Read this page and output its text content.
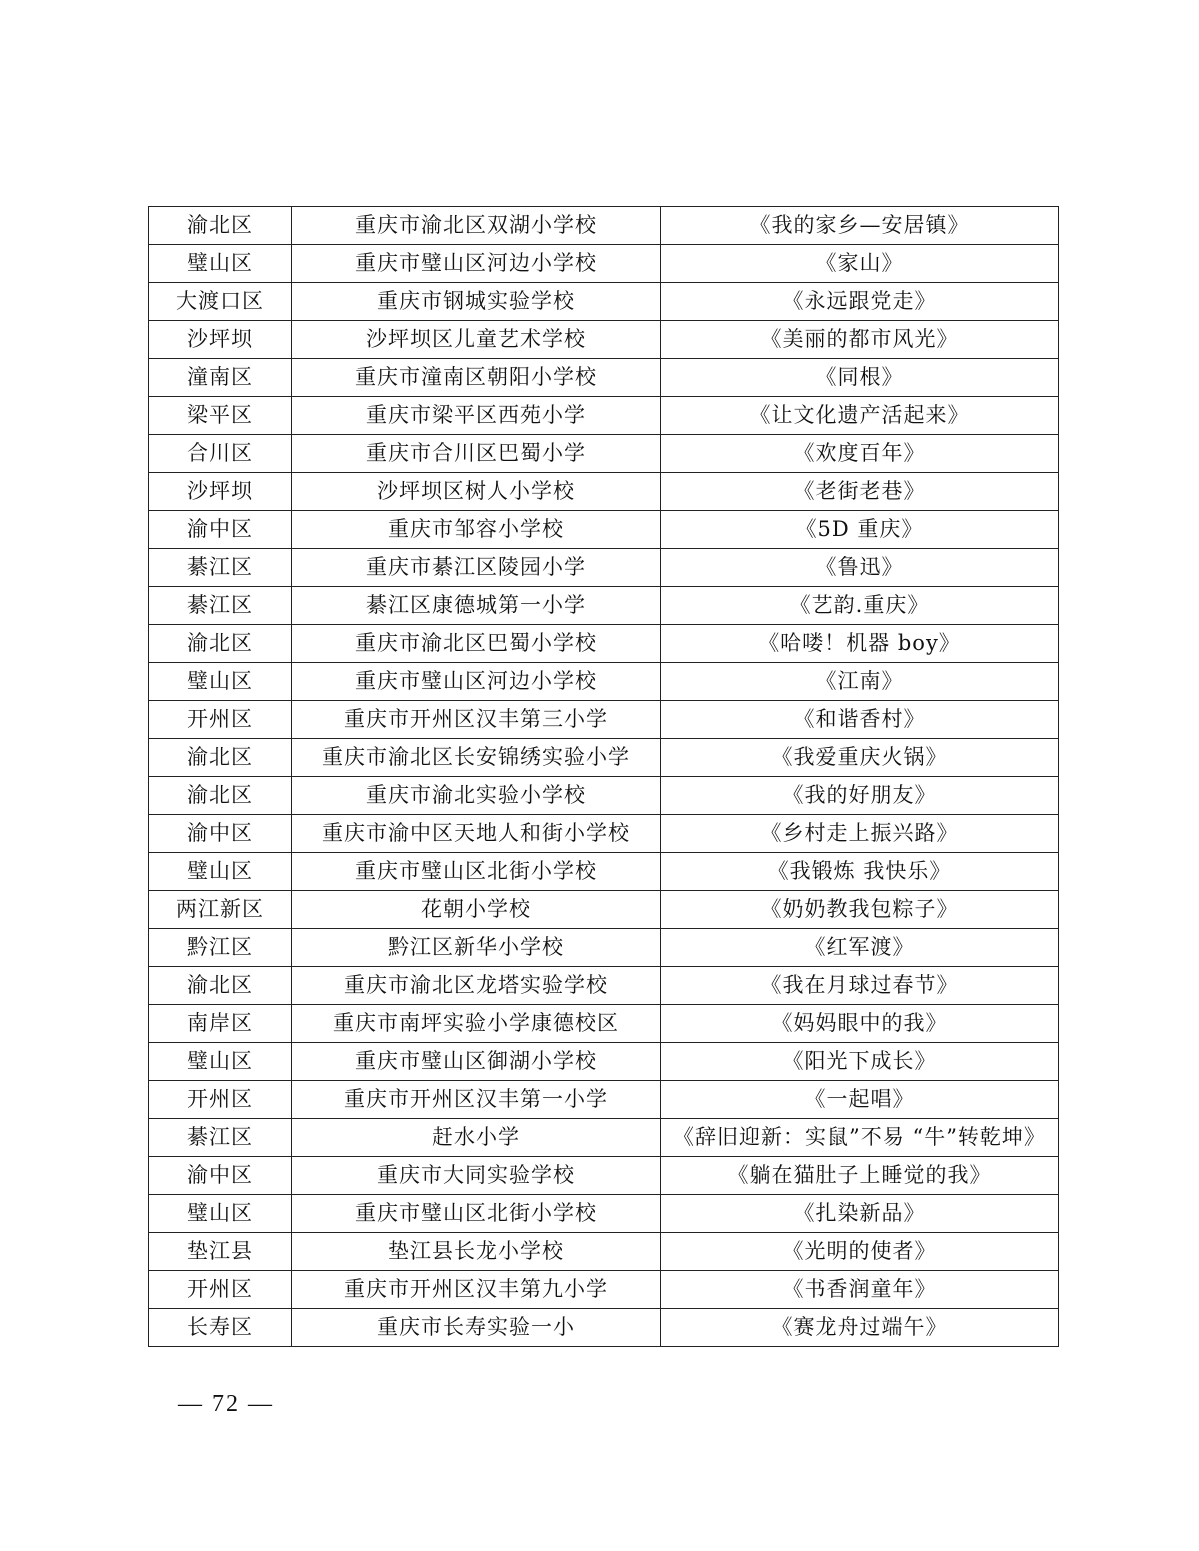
渝北区	重庆市渝北区双湖小学校	《我的家乡—安居镇》
璧山区	重庆市璧山区河边小学校	《家山》
大渡口区	重庆市钢城实验学校	《永远跟党走》
沙坪坝	沙坪坝区儿童艺术学校	《美丽的都市风光》
潼南区	重庆市潼南区朝阳小学校	《同根》
梁平区	重庆市梁平区西苑小学	《让文化遗产活起来》
合川区	重庆市合川区巴蜀小学	《欢度百年》
沙坪坝	沙坪坝区树人小学校	《老街老巷》
渝中区	重庆市邹容小学校	《5D 重庆》
綦江区	重庆市綦江区陵园小学	《鲁迅》
綦江区	綦江区康德城第一小学	《艺韵.重庆》
渝北区	重庆市渝北区巴蜀小学校	《哈喽！机器 boy》
璧山区	重庆市璧山区河边小学校	《江南》
开州区	重庆市开州区汉丰第三小学	《和谐香村》
渝北区	重庆市渝北区长安锦绣实验小学	《我爱重庆火锅》
渝北区	重庆市渝北实验小学校	《我的好朋友》
渝中区	重庆市渝中区天地人和街小学校	《乡村走上振兴路》
璧山区	重庆市璧山区北街小学校	《我锻炼 我快乐》
两江新区	花朝小学校	《奶奶教我包粽子》
黔江区	黔江区新华小学校	《红军渡》
渝北区	重庆市渝北区龙塔实验学校	《我在月球过春节》
南岸区	重庆市南坪实验小学康德校区	《妈妈眼中的我》
璧山区	重庆市璧山区御湖小学校	《阳光下成长》
开州区	重庆市开州区汉丰第一小学	《一起唱》
綦江区	赶水小学	《辞旧迎新：实鼠”不易 “牛”转乾坤》
渝中区	重庆市大同实验学校	《躺在猫肚子上睡觉的我》
璧山区	重庆市璧山区北街小学校	《扎染新品》
垫江县	垫江县长龙小学校	《光明的使者》
开州区	重庆市开州区汉丰第九小学	《书香润童年》
长寿区	重庆市长寿实验一小	《赛龙舟过端午》
— 72 —
